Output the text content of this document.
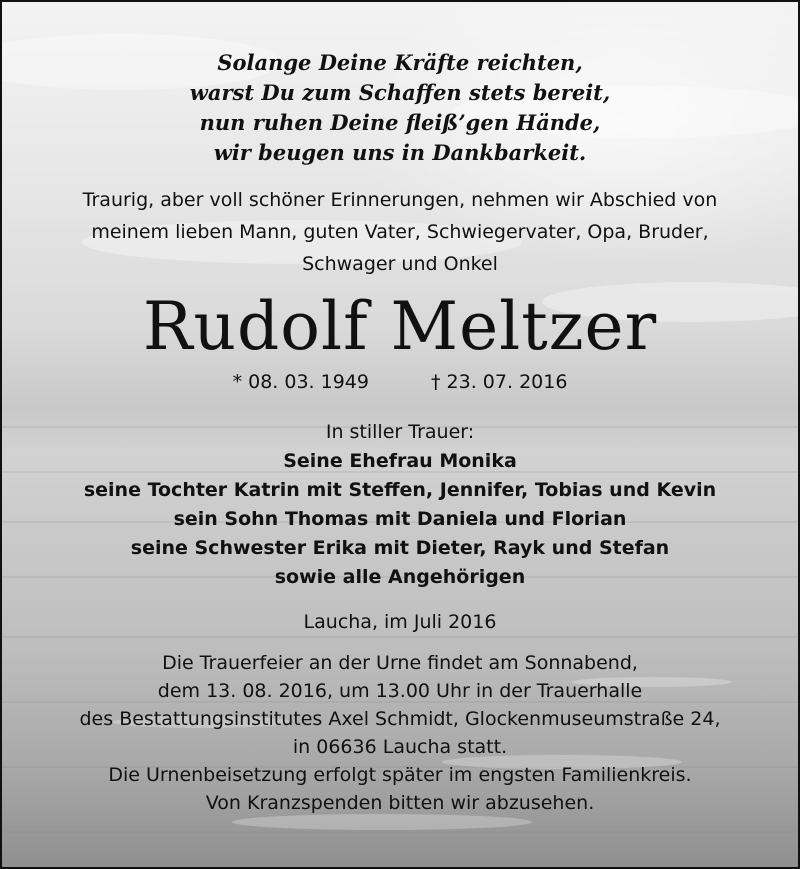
Solange Deine Kräfte reichten,
warst Du zum Schaffen stets bereit,
nun ruhen Deine fleiß’gen Hände,
wir beugen uns in Dankbarkeit.
Traurig, aber voll schöner Erinnerungen, nehmen wir Abschied von
meinem lieben Mann, guten Vater, Schwiegervater, Opa, Bruder,
Schwager und Onkel
Rudolf Meltzer
* 08. 03. 1949	† 23. 07. 2016
In stiller Trauer:
Seine Ehefrau Monika
seine Tochter Katrin mit Steffen, Jennifer, Tobias und Kevin
sein Sohn Thomas mit Daniela und Florian
seine Schwester Erika mit Dieter, Rayk und Stefan
sowie alle Angehörigen
Laucha, im Juli 2016
Die Trauerfeier an der Urne findet am Sonnabend,
dem 13. 08. 2016, um 13.00 Uhr in der Trauerhalle
des Bestattungsinstitutes Axel Schmidt, Glockenmuseumstraße 24,
in 06636 Laucha statt.
Die Urnenbeisetzung erfolgt später im engsten Familienkreis.
Von Kranzspenden bitten wir abzusehen.
